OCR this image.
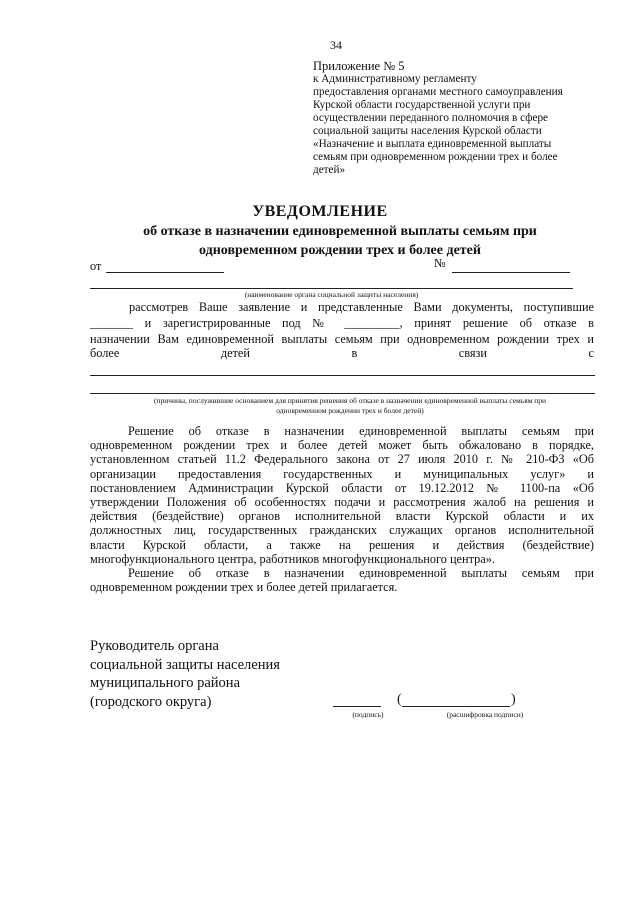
34
Приложение № 5
к Административному регламенту
предоставления органами местного самоуправления
Курской области государственной услуги при
осуществлении переданного полномочия в сфере
социальной защиты населения Курской области
«Назначение и выплата единовременной выплаты
семьям при одновременном рождении трех и более
детей»
УВЕДОМЛЕНИЕ
об отказе в назначении единовременной выплаты семьям при
одновременном рождении трех и более детей
от	№
(наименование органа социальной защиты населения)
рассмотрев Ваше заявление и представленные Вами документы, поступившие
_______ и зарегистрированные под № _________, принят решение об отказе в
назначении Вам единовременной выплаты семьям при одновременном рождении трех и
более	детей	в	связи	с
(причины, послужившие основанием для принятия решения об отказе в назначении единовременной выплаты семьям при
одновременном рождении трех и более детей)
Решение об отказе в назначении единовременной выплаты семьям при
одновременном рождении трех и более детей может быть обжаловано в порядке,
установленном статьей 11.2 Федерального закона от 27 июля 2010 г. № 210-ФЗ «Об
организации предоставления государственных и муниципальных услуг» и
постановлением Администрации Курской области от 19.12.2012 № 1100-па «Об
утверждении Положения об особенностях подачи и рассмотрения жалоб на решения и
действия (бездействие) органов исполнительной власти Курской области и их
должностных лиц, государственных гражданских служащих органов исполнительной
власти Курской области, а также на решения и действия (бездействие)
многофункционального центра, работников многофункционального центра».
Решение об отказе в назначении единовременной выплаты семьям при
одновременном рождении трех и более детей прилагается.
Руководитель органа
социальной защиты населения
муниципального района
(городского округа)	(	)
(подпись)	(расшифровка подписи)
